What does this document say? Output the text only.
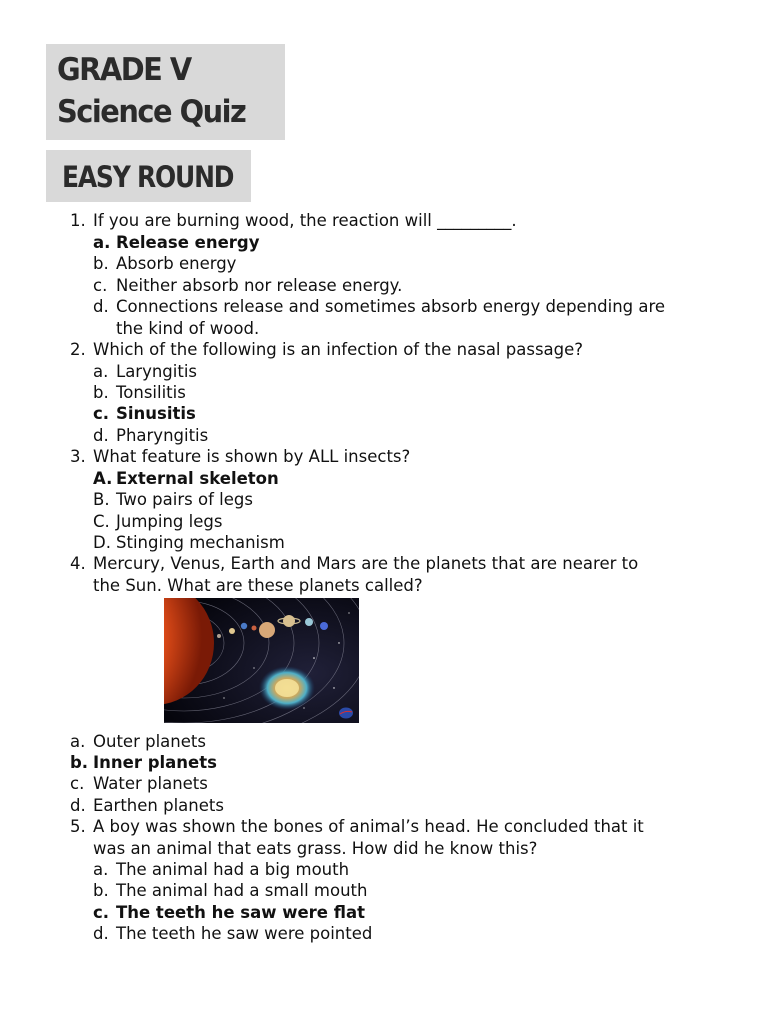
GRADE V
Science Quiz
EASY ROUND
1. If you are burning wood, the reaction will _________.
a. Release energy
b. Absorb energy
c. Neither absorb nor release energy.
d. Connections release and sometimes absorb energy depending are
the kind of wood.
2. Which of the following is an infection of the nasal passage?
a. Laryngitis
b. Tonsilitis
c. Sinusitis
d. Pharyngitis
3. What feature is shown by ALL insects?
A. External skeleton
B. Two pairs of legs
C. Jumping legs
D. Stinging mechanism
4. Mercury, Venus, Earth and Mars are the planets that are nearer to
the Sun. What are these planets called?
a. Outer planets
b. Inner planets
c. Water planets
d. Earthen planets
5. A boy was shown the bones of animal’s head. He concluded that it
was an animal that eats grass. How did he know this?
a. The animal had a big mouth
b. The animal had a small mouth
c. The teeth he saw were flat
d. The teeth he saw were pointed
